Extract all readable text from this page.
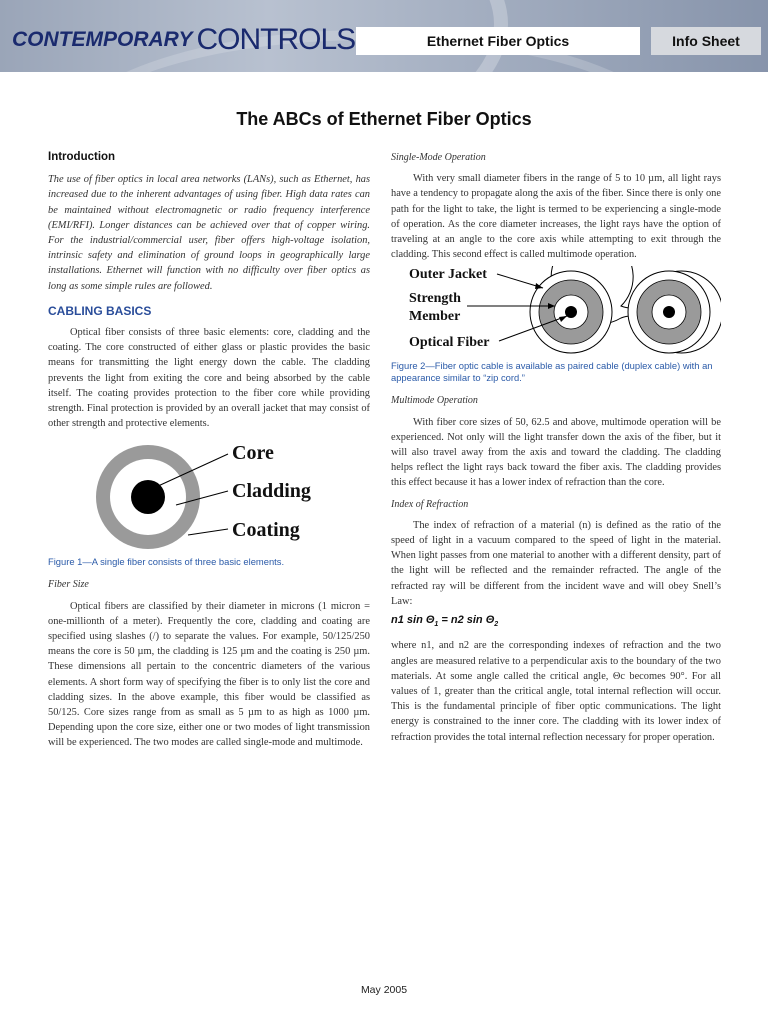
CONTEMPORARY CONTROLS	Ethernet Fiber Optics	Info Sheet
The ABCs of Ethernet Fiber Optics
Introduction

The use of fiber optics in local area networks (LANs), such as Ethernet, has increased due to the inherent advantages of using fiber. High data rates can be maintained without electromagnetic or radio frequency interference (EMI/RFI). Longer distances can be achieved over that of copper wiring. For the industrial/commercial user, fiber offers high-voltage isolation, intrinsic safety and elimination of ground loops in geographically large installations. Ethernet will function with no difficulty over fiber optics as long as some simple rules are followed.

CABLING BASICS

Optical fiber consists of three basic elements: core, cladding and the coating. The core constructed of either glass or plastic provides the basic means for transmitting the light energy down the cable. The cladding prevents the light from exiting the core and being absorbed by the cable itself. The coating provides protection to the fiber core while providing strength. Final protection is provided by an overall jacket that may consist of other strength and protective elements.

Core
Cladding
Coating

Figure 1—A single fiber consists of three basic elements.

Fiber Size

Optical fibers are classified by their diameter in microns (1 micron = one-millionth of a meter). Frequently the core, cladding and coating are specified using slashes (/) to separate the values. For example, 50/125/250 means the core is 50 µm, the cladding is 125 µm and the coating is 250 µm. These dimensions all pertain to the concentric diameters of the various elements. A short form way of specifying the fiber is to only list the core and cladding sizes. In the above example, this fiber would be classified as 50/125. Core sizes range from as small as 5 µm to as high as 1000 µm. Depending upon the core size, either one or two modes of light transmission will be experienced. The two modes are called single-mode and multimode.

Single-Mode Operation

With very small diameter fibers in the range of 5 to 10 µm, all light rays have a tendency to propagate along the axis of the fiber. Since there is only one path for the light to take, the light is termed to be experiencing a single-mode of operation. As the core diameter increases, the light rays have the option of traveling at an angle to the core axis while attempting to exit through the cladding. This second effect is called multimode operation.

Outer Jacket
Strength Member
Optical Fiber

Figure 2—Fiber optic cable is available as paired cable (duplex cable) with an appearance similar to “zip cord.”

Multimode Operation

With fiber core sizes of 50, 62.5 and above, multimode operation will be experienced. Not only will the light transfer down the axis of the fiber, but it will also travel away from the axis and toward the cladding. The cladding helps reflect the light rays back toward the fiber axis. The cladding provides this effect because it has a lower index of refraction than the core.

Index of Refraction

The index of refraction of a material (n) is defined as the ratio of the speed of light in a vacuum compared to the speed of light in the material. When light passes from one material to another with a different density, part of the light will be reflected and the remainder refracted. The angle of the refracted ray will be different from the incident wave and will obey Snell’s Law:

n1 $\sin \Theta_1 = n2$ $\sin \Theta_2$

where n1, and n2 are the corresponding indexes of refraction and the two angles are measured relative to a perpendicular axis to the boundary of the two materials. At some angle called the critical angle, Θc becomes 90°. For all values of 1, greater than the critical angle, total internal reflection will occur. This is the fundamental principle of fiber optic communications. The light energy is constrained to the inner core. The cladding with its lower index of refraction provides the total internal reflection necessary for proper operation.

May 2005
